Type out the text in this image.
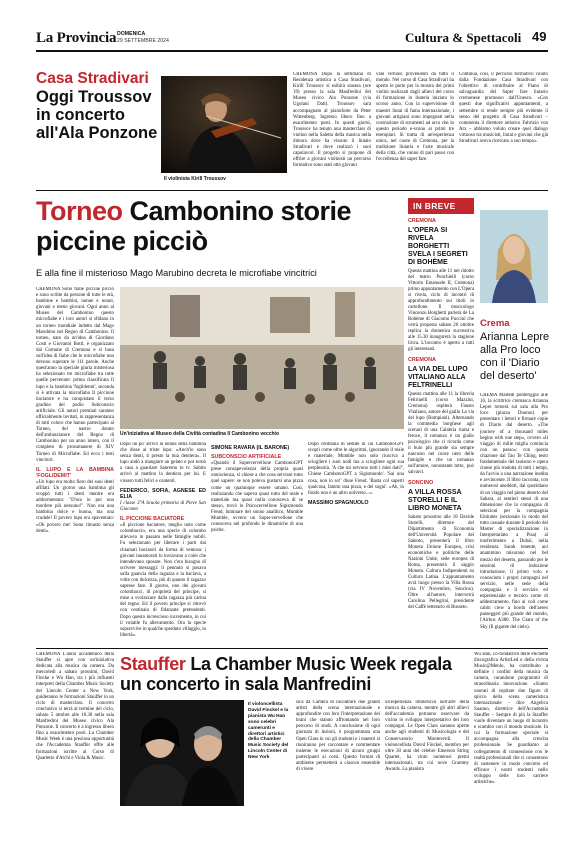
La Provincia DOMENICA
29 SETTEMBRE 2024	Cultura & Spettacoli 49
Casa Stradivari
Oggi Troussov in concerto all'Ala Ponzone
Il violinista Kirill Troussov
CREMONA Dopo la settimana di Residenza artistica a Casa Stradivari, Kirill Troussov si esibirà stasera (ore 19) presso la sala Manfredini del Museo civico Ala Ponzone (via Ugolani Dati). Troussov sarà accompagnato al pianoforte da Peter Wittenberg. Ingresso libero fino a esaurimento posti. In questi giorni, Troussov ha tenuto una masterclass di violino nella Saletta della musica nella dimora dove ha vissuto il liutaio Stradivari e dove realizzò i suoi capolavori. Il progetto si propone di offrire a giovani violinisti un percorso formativo sono stati otto giovani
vani virtuosi provenienti da tutto il mondo. Nel corso di Casa Stradivari ha aperto le porte per la mostra dei primi violini realizzati dagli allievi del corso di formazione in liuteria iniziato lo scorso anno. Con la supervisione di maestri liutai di fama internazionale, i giovani artigiani sono impegnati nella costruzione di strumenti ad arco che in questo periodo e-scono ai primi tre esemplari. Si tratta di un'esperienza unica, nel cuore di Cremona, per la tradizione liutaria e l'arte musicale della città, che vanno di pari passo con l'eccellenza del saper fare.
Continua, così, il percorso formativo voluto dalla Fondazione Casa Stradivari con l'obiettivo di contribuire al Piano di salvaguardia del Saper fare liutario cremonese promosso dall'Unesco. «Con questi due significativi appuntamenti, a settembre si rende sempre più evidente il senso del progetto di Casa Stradivari – commenta il direttore artistico Fabrizio von Arx – abbiamo voluto creare quel dialogo virtuoso tra musicisti, liutai e giovani che già Stradivari aveva ricercato a suo tempo».
Torneo Cambonino storie piccine picciò
E alla fine il misterioso Mago Marubino decreta le microfiabe vincitrici

CREMONA Sono fiabe piccine picciò e sono scritte da persone di tutte le età, bambine e bambini, nonne e nonni, giovani e meno giovani. Ogni anno al Museo del Cambonino questo microfiabe e i loro autori si sfidano in un torneo mondiale indetto dal Mago Marubino nel Regno di Cambonino. Il torneo, nato da un'idea di Giordano Costi e Giovanni Botti, è organizzato dal Comune di Cremona e si basa sull'idea di fiabe che le microfiabe non devono superare le 111 parole. Anche quest'anno la speciale giuria misteriosa ha selezionato tre microfiabe tra tutte quelle pervenute: prima classificata Il lupo e la bambina 'foglidemit', seconda si è attivata la microfiaba Il piccione baciatore e ha conquistato il terzo gradino del podio Subconscio artificiale. Gli autori premiati saranno ufficialmente invitati, in rappresentanza di tutti coloro che hanno partecipato al Torneo, del nastro dorato dell'ambasciatore del Regno di Cambonino per un anno intero, con il completo di prosumanere di XIV Torneo di Microfiabe. Ed ecco i testi vincitori.

IL LUPO E LA BAMBINA 'FOGLIDEMIT'

«Un lupo era molto fiero dei suoi denti affilati. Un giorno una bambina gli scoppò tutti i denti mentre era addormentato: "D'ora in poi non mordere più nessuno!". Non era una bambina dolce e buona, ma una crudele! Il povero lupo era spaventato: «Oh povero me! Sono rimasto senza denti».

Un'iniziativa al Museo della Civiltà contadina Il Cambonino vecchio

Dopo un po' arrivò la nonna della bambina che disse al triste lupo: «Anch'io sono senza denti, ti presto la mia dentiera». Il lupo andò a mangiare un gelato e poi tornò a casa a guardare Sanremo in tv. Subito arrivò al mattino la dentiera per lui. E vissero tutti felici e contenti.

FEDERICO, SOFIA, AGNESE ED ELIA

I classe 3°A Scuola primaria di Pieve San Giacomo

IL PICCIONE BACIATORE

«Il piccione baciatore, meglio noto come colombaccio, era una specie di colombo alleva-to in passato nelle famiglie nobili. Fu selezionato per liberare i parti dai chiamati baciatori da forma di ventosa: i giovani innamorati lo inviavano a colei che intendevano sposare. Non c'era bisogno di scrivere messaggi: il pennuto si posava sulla guancia della ragazza e la baciava, a volte con dolcezza, più di quanto il ragazzo sapesse fare. Il giorno, uno dei giovani colombacci, di proprietà del principe, si mise a svolazzare dalla ragazza più carina del regno. Ed il povero principe si ritrovò con centinaia di fidanzate pretendenti. Dopo questo increscioso incremento, in cui il volatile fu allevamento. Ora la specie sopravvive in qualche sperduto villaggio, in libertà».

SIMONE RAVARA (IL BARONE)
SUBCONSCIO ARTIFICIALE

«Quando il Supercervellone CambonoGPT prese consapevolezza della propria quasi onniscienza, si chiese a che cosa servisse tutto quel sapere: se non poteva gustarsi una pizza come un qualunque essere umano. Così, realizzando che sapeva quasi tutto del reale e materiale ma quasi nulla conosceva di se stesso, trovò lo Psicocervellone Sigismondo Freud, luminare del sonno analitico, Mumble Mumble, ovvero un Super-cervellone che conosceva nel profondo le dinamiche di una psiche.

Dopo centinaia di sedute in cui CambonoGPT scoprì come oltre le algoritmi, ignorando il reale e materiale, Mumble non solo riusciva a sciogliere i suoi nodi ma a sciogliere ogni sua perplessità. 'A che mi servono tutti i miei dati?', Chiese CambonoGPT a Sigismondo'. 'Sai una cosa, non lo so!' disse Freud. 'Basta col saperti qualcosa, fammi una pizza, e dei sogni'. «Ah, in fondo non è un altro universo...».

MASSIMO SPAGNUOLO
IN BREVE
CREMONA
L'OPERA SI RIVELA BORGHETTI SVELA I SEGRETI DI BOHÈME
Questa mattina alle 11 nel ridotto del teatro Ponchielli (corso Vittorio Emanuele II, Cremona) primo appuntamento con L'Opera si rivela, ciclo di incontri di approfondimento sui titoli in cartellone. Il musicologo Vincenzo Borghetti parlerà de La Bohème di Giacomo Puccini che verrà proposta sabato 26 ottobre replica la domenica successiva alle 15.30 inaugurerà la stagione lirica. L'incontro è aperto a tutti gli interessati.
CREMONA
LA VIA DEL LUPO VITALIANO ALLA FELTRINELLI
Questa mattina alle 11 la libreria Feltrinelli (corso Mazzini, Cremona) ospiterà Fausto Vitaliano, autore del giallo La via del lupo (Bompiani). Alternando la commedia borghese agli scenari di una Calabria riarsa e feroce, il romanzo è un giallo psicologico che ci ricorda come il buio più grande sia sempre nascosto nel cuore nero delle famiglie e che un romanzo sull'amore, nonostante tutto, può salvarci.
SONCINO
A VILLA ROSSA STORELLI E IL LIBRO MONETA
Sabato prossimo alle 18 Davide Storelli, direttore del Dipartimento di Economia dell'Università Popolare del Salento, presenterà il libro Moneta Unione Europea, crisi economiche e politiche delle Nazioni Unite, sede europea di Roma, presenterà il saggio Moneta. Cultura Indipendenti su Cultura Latina. L'appuntamento avrà luogo presso la Villa Rossa (via IV Novembre, Soncino). Oltre all'autore, interverrà Carolina Pellegrini, presidente del Caffè letterario di Busseto.
Crema
Arianna Lepre alla Pro loco con il 'Diario del deserto'
CREMA Martedì pomeriggio alle 16, la scrittrice cremasca Arianna Lepre tornerà sui sala alla Pro loco (piazza Duomo) per presentare i lettori e firmare copie di Diario dal deserto. «The journey of a thousand miles begins with one step», ovvero «Il viaggio di mille miglia comincia con un passo»: con questa citazione dal Tao Te Ching, testo fondamentale del taoismo e opera cinese più tradotta di tutti i tempi, da l'avvio a una narrazione inedita e avvincente. Il libro racconta, con numerosi aneddoti, dal quotidiano di un viaggio nel pieno deserto del Sahara, ai sentieri stessi di una dimensione che la compagnia di selezioni per la compagnia Emirates (sezionale in modo del tutto casuale durante il periodo del Master di specializzazione in Interpretariato a Pisa) al trasferimento a Dubai, nella residenza Sarah tenente, ani anammino misurano nel bel mezzo del deserto, passando per le sessioni di induzione introduzione, il primo volo e conosciuto i propri compagni nel servizio, nelle sede della compagnia e il servizio ed esperienziale e tecnico come di addestramento, fino ai voli come cabin crew a bordo dell'aereo passeggeri più grande del mondo, l'Airbus A380. The Giant of the Sky (Il gigante del cielo).
CREMONA L'anno accademico della Stauffer si apre con un'iniziativa dedicata alla musica da camera. Da mercoledì a sabato prossimi, David Fincke e Wu Han, tra i più influenti interpreti della Chamber Music Society del Lincoln Center a New York, guideranno le formazioni Stauffer in un ciclo di masterclass. Il concerto conclusivo si terrà al termine del ciclo, sabato 5 ottobre alle 18.30 nella sala Manfredini del Museo civico Ala Ponzone. Il concerto è a ingresso libero fino a esaurimento posti. La Chamber Music Week è una preziosa opportunità che l'Accademia Stauffer offre alle formazioni iscritte al Corso di Quartetto d'Archi e Viola & Music.
Stauffer La Chamber Music Week regala un concerto in sala Manfredini
Il violoncellista David Finckel e la pianista Wu Han sono celebri camerunti e direttori artistici della Chamber Music Society del Lincoln Center di New York
sica da Camera di incontrare due grandi artisti della scena internazionale e approfondire con loro l'interpretazione dei brani che stanno affrontando nel loro percorso di studi. A conclusione di ogni giornata di lezioni, è programmata una Open Class in cui gli studenti e i maestri si riuniranno per raccontare e commentare insieme le esecuzioni di alcuni gruppi partecipanti ai corsi. Questo format di ambiente permetterà a ciascun ensemble di vivere
un'esperienza immersiva nell'arte della musica da camera, mentre gli altri allievi dell'accademia potranno osservare da vicino lo sviluppo interpretativo dei loro compagni. Le Open Class saranno aperte anche agli studenti di Musicologia e del Conservatorio Monteverdi. Il violoncellista David Finckel, membro per oltre 30 anni del celebre Emerson String Quartet, ha vinto numerosi premi internazionali, tra cui nove Grammy Awards. La pianista
Wu Han, co-fondatrice delle etichette discografica ArtistLed e della rivista Music@Menlo, ha contribuito a definire i confini della musica da camera, curandone programmi di straordinaria innovazione. «Siamo onorati di ospitare due figure di spicco della scena cameristica internazionale – dice Angelica Suanno, direttrice dell'Accademia Stauffer – Sempre di più la Stauffer vuole diventare un luogo di incontro e scambio con il mondo musicale. In cui la formazione speciale si accompagna alla crescita professionale. Se guardiamo al collegamento di connessione con le realtà professionali che ci consentono di sostenere in modo concreto ed efficace i nostri studenti nello sviluppo delle loro carriere artistiche».
